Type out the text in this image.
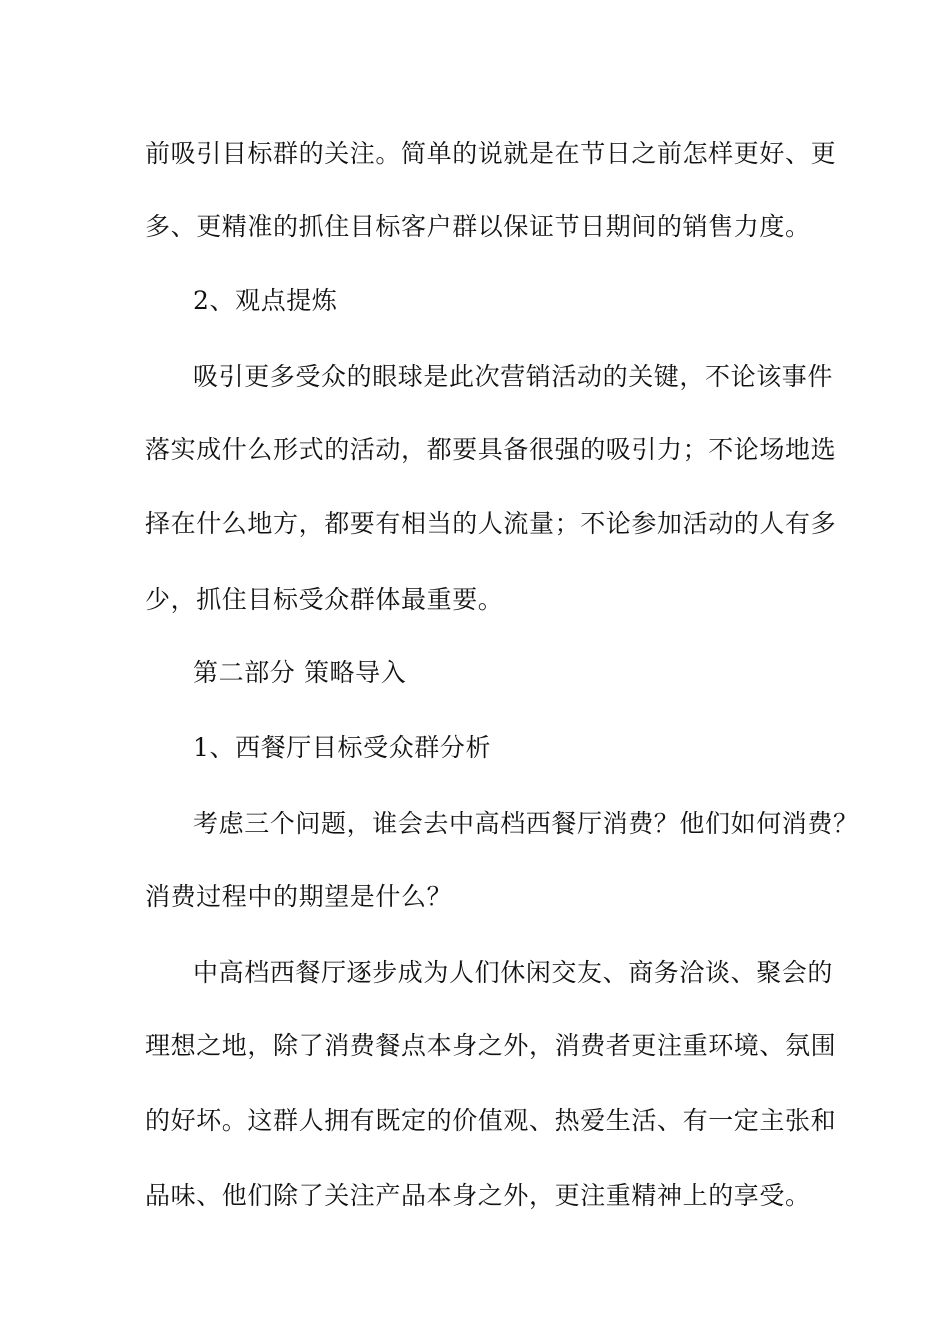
前吸引目标群的关注。简单的说就是在节日之前怎样更好、更
多、更精准的抓住目标客户群以保证节日期间的销售力度。
2、观点提炼
吸引更多受众的眼球是此次营销活动的关键，不论该事件
落实成什么形式的活动，都要具备很强的吸引力；不论场地选
择在什么地方，都要有相当的人流量；不论参加活动的人有多
少，抓住目标受众群体最重要。
第二部分 策略导入
1、西餐厅目标受众群分析
考虑三个问题，谁会去中高档西餐厅消费？他们如何消费？
消费过程中的期望是什么？
中高档西餐厅逐步成为人们休闲交友、商务洽谈、聚会的
理想之地，除了消费餐点本身之外，消费者更注重环境、氛围
的好坏。这群人拥有既定的价值观、热爱生活、有一定主张和
品味、他们除了关注产品本身之外，更注重精神上的享受。
